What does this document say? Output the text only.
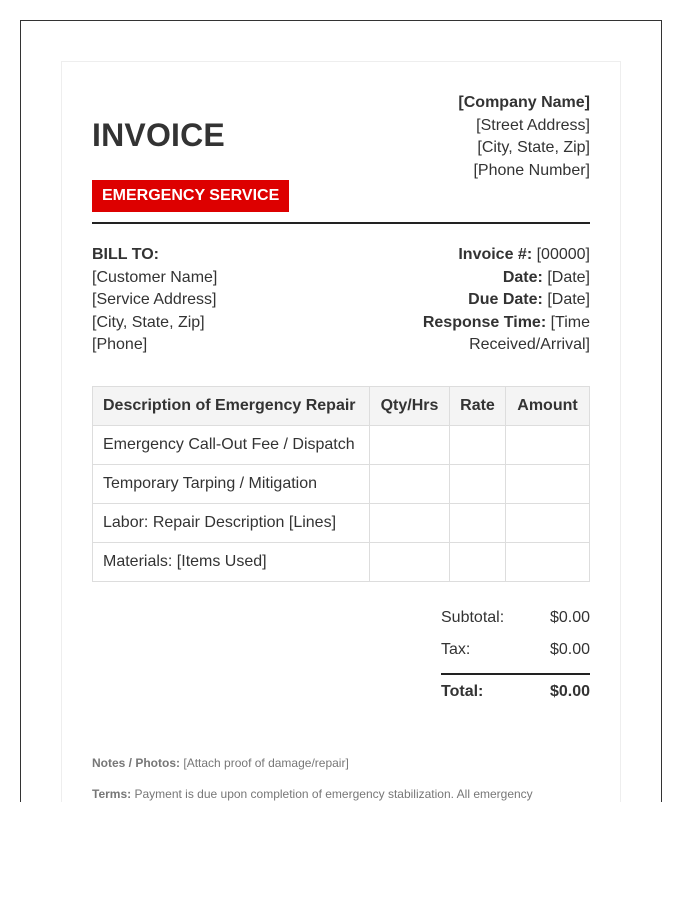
[Company Name]
[Street Address]
[City, State, Zip]
[Phone Number]
INVOICE
EMERGENCY SERVICE
BILL TO:
[Customer Name]
[Service Address]
[City, State, Zip]
[Phone]
Invoice #: [00000]
Date: [Date]
Due Date: [Date]
Response Time: [Time
Received/Arrival]
Description of Emergency Repair	Qty/Hrs	Rate	Amount
Emergency Call-Out Fee / Dispatch			
Temporary Tarping / Mitigation			
Labor: Repair Description [Lines]			
Materials: [Items Used]			
Subtotal:	$0.00
Tax:	$0.00
Total:	$0.00
Notes / Photos: [Attach proof of damage/repair]
Terms: Payment is due upon completion of emergency stabilization. All emergency
